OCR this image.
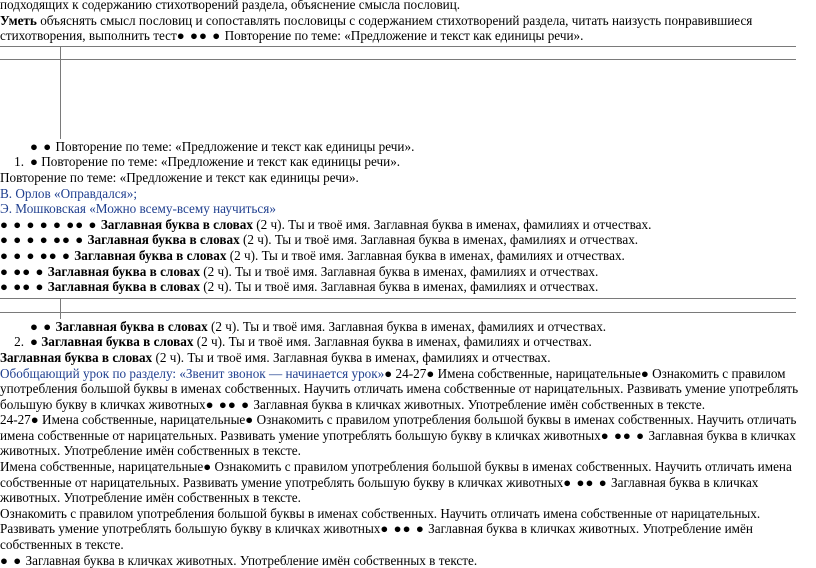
подходящих к содержанию стихотворений раздела, объяснение смысла пословиц.

Уметь объяснять смысл пословиц и сопоставлять пословицы с содержанием стихотворений раздела, читать наизусть понравившиеся стихотворения, выполнить тест● ●● ● Повторение по теме: «Предложение и текст как единицы речи».

● ● Повторение по теме: «Предложение и текст как единицы речи».

1. ● Повторение по теме: «Предложение и текст как единицы речи».

Повторение по теме: «Предложение и текст как единицы речи».

В. Орлов «Оправдался»;

Э. Мошковская «Можно всему-всему научиться»

● ● ● ● ● ●● ● Заглавная буква в словах (2 ч). Ты и твоё имя. Заглавная буква в именах, фамилиях и отчествах.

● ● ● ● ●● ● Заглавная буква в словах (2 ч). Ты и твоё имя. Заглавная буква в именах, фамилиях и отчествах.

● ● ● ●● ● Заглавная буква в словах (2 ч). Ты и твоё имя. Заглавная буква в именах, фамилиях и отчествах.

● ●● ● Заглавная буква в словах (2 ч). Ты и твоё имя. Заглавная буква в именах, фамилиях и отчествах.

● ●● ● Заглавная буква в словах (2 ч). Ты и твоё имя. Заглавная буква в именах, фамилиях и отчествах.

● ● Заглавная буква в словах (2 ч). Ты и твоё имя. Заглавная буква в именах, фамилиях и отчествах.

2. ● Заглавная буква в словах (2 ч). Ты и твоё имя. Заглавная буква в именах, фамилиях и отчествах.

Заглавная буква в словах (2 ч). Ты и твоё имя. Заглавная буква в именах, фамилиях и отчествах.

Обобщающий урок по разделу: «Звенит звонок — начинается урок»● 24-27● Имена собственные, нарицательные● Ознакомить с правилом употребления большой буквы в именах собственных. Научить отличать имена собственные от нарицательных. Развивать умение употреблять большую букву в кличках животных● ●● ● Заглавная буква в кличках животных. Употребление имён собственных в тексте.

24-27● Имена собственные, нарицательные● Ознакомить с правилом употребления большой буквы в именах собственных. Научить отличать имена собственные от нарицательных. Развивать умение употреблять большую букву в кличках животных● ●● ● Заглавная буква в кличках животных. Употребление имён собственных в тексте.

Имена собственные, нарицательные● Ознакомить с правилом употребления большой буквы в именах собственных. Научить отличать имена собственные от нарицательных. Развивать умение употреблять большую букву в кличках животных● ●● ● Заглавная буква в кличках животных. Употребление имён собственных в тексте.

Ознакомить с правилом употребления большой буквы в именах собственных. Научить отличать имена собственные от нарицательных. Развивать умение употреблять большую букву в кличках животных● ●● ● Заглавная буква в кличках животных. Употребление имён собственных в тексте.

● ● Заглавная буква в кличках животных. Употребление имён собственных в тексте.
